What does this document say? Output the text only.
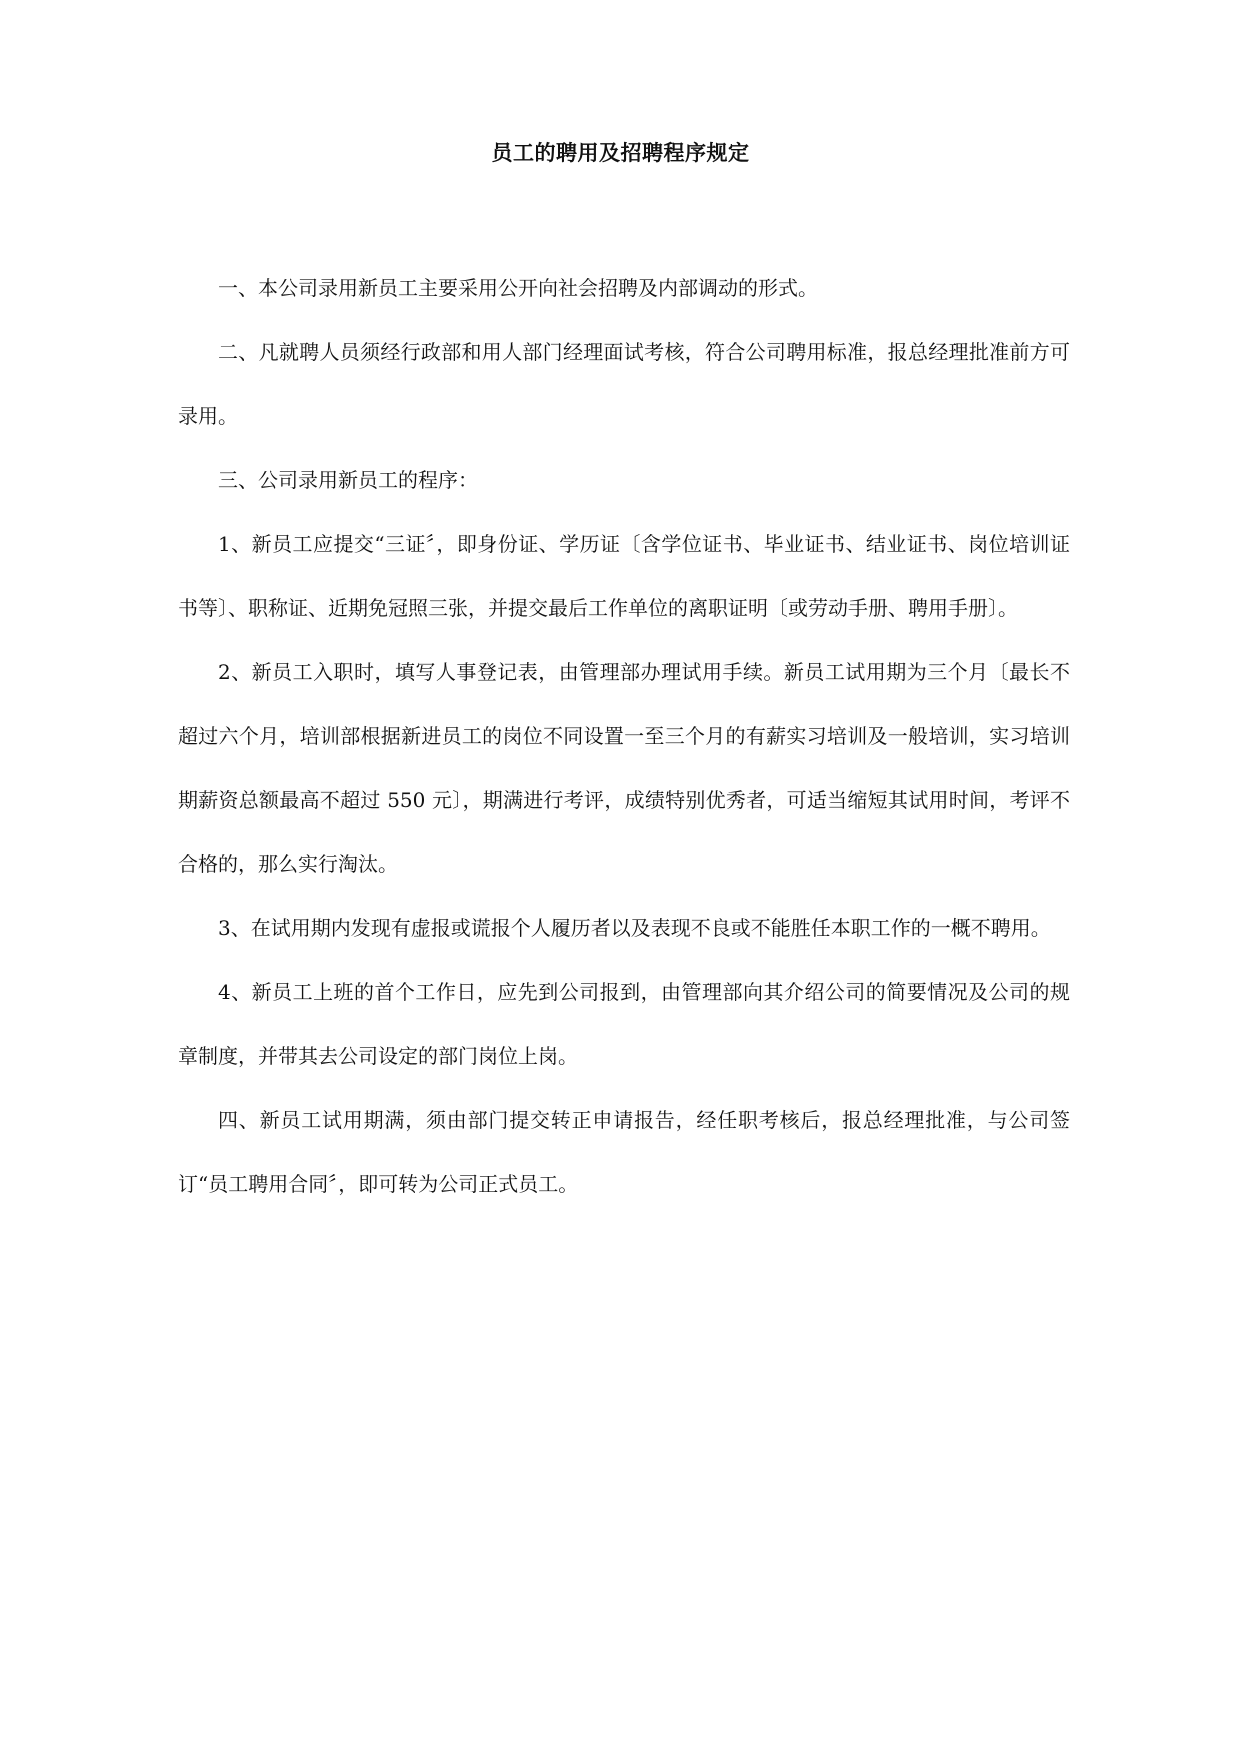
员工的聘用及招聘程序规定

一、本公司录用新员工主要采用公开向社会招聘及内部调动的形式。

二、凡就聘人员须经行政部和用人部门经理面试考核，符合公司聘用标准，报总经理批准前方可录用。

三、公司录用新员工的程序：

1、新员工应提交“三证〞，即身份证、学历证〔含学位证书、毕业证书、结业证书、岗位培训证书等〕、职称证、近期免冠照三张，并提交最后工作单位的离职证明〔或劳动手册、聘用手册〕。

2、新员工入职时，填写人事登记表，由管理部办理试用手续。新员工试用期为三个月〔最长不超过六个月，培训部根据新进员工的岗位不同设置一至三个月的有薪实习培训及一般培训，实习培训期薪资总额最高不超过 550 元〕，期满进行考评，成绩特别优秀者，可适当缩短其试用时间，考评不合格的，那么实行淘汰。

3、在试用期内发现有虚报或谎报个人履历者以及表现不良或不能胜任本职工作的一概不聘用。

4、新员工上班的首个工作日，应先到公司报到，由管理部向其介绍公司的简要情况及公司的规章制度，并带其去公司设定的部门岗位上岗。

四、新员工试用期满，须由部门提交转正申请报告，经任职考核后，报总经理批准，与公司签订“员工聘用合同〞，即可转为公司正式员工。
